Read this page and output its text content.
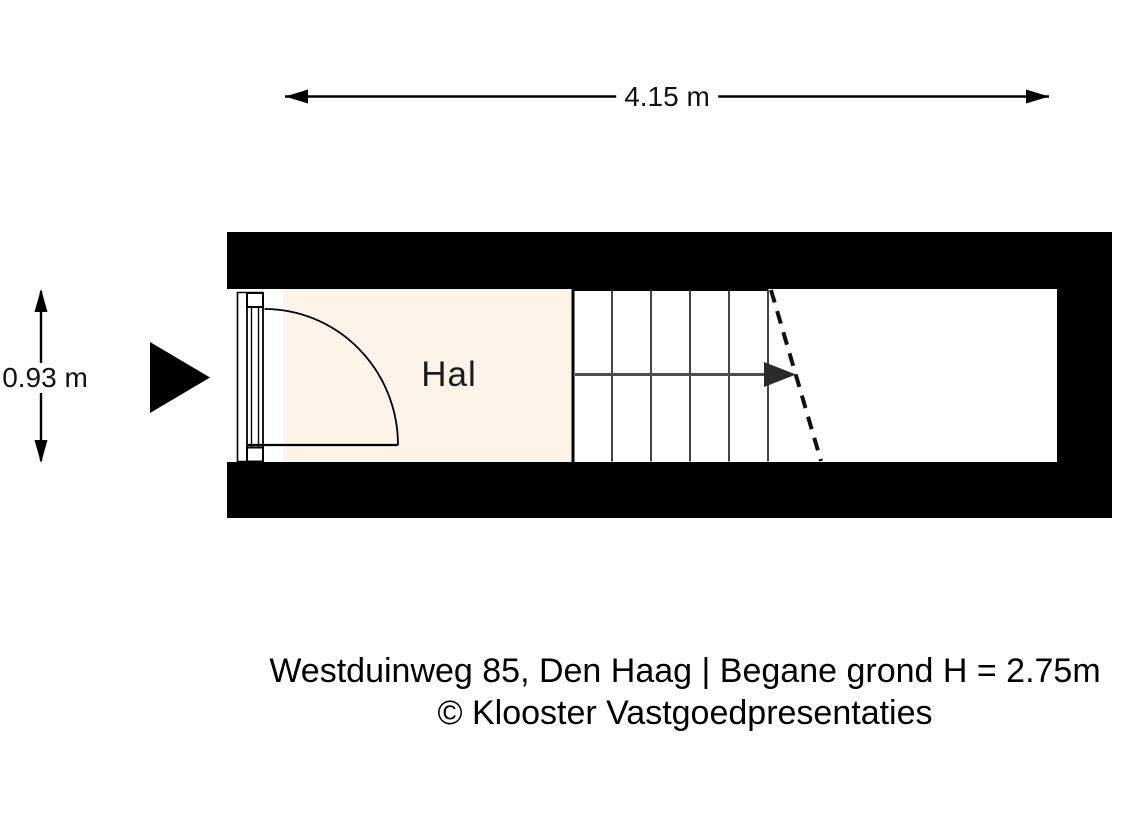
4.15 m
0.93 m	Hal
Westduinweg 85, Den Haag | Begane grond H = 2.75m
© Klooster Vastgoedpresentaties
